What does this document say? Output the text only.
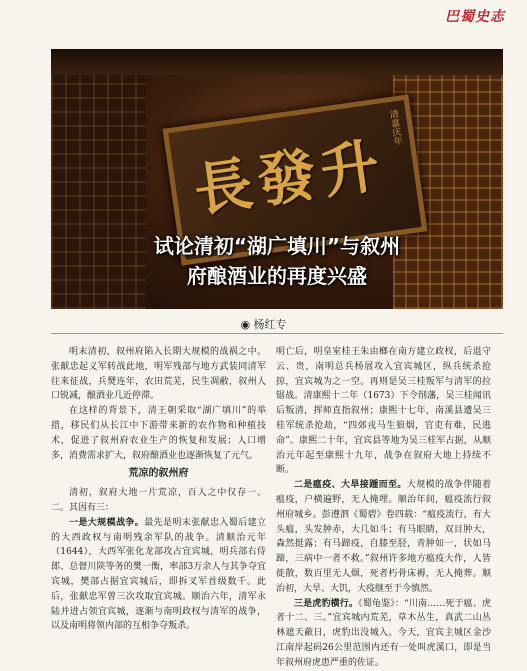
巴蜀史志
長發升
清嘉庆年
试论清初“湖广填川”与叙州
府酿酒业的再度兴盛
◉ 杨红专

明末清初，叙州府陷入长期大规模的战祸之中。张献忠起义军转战此地，明军残部与地方武装同清军往来征战，兵燹连年，农田荒芜，民生凋敝，叙州人口锐减，酿酒业几近停滞。

在这样的背景下，清王朝采取“湖广填川”的举措，移民们从长江中下游带来新的农作物和种植技术，促进了叙州府农业生产的恢复和发展；人口增多，消费需求扩大，叙府酿酒业也逐渐恢复了元气。

荒凉的叙州府

清初，叙府大地一片荒凉，百人之中仅存一、二。其因有三：

一是大规模战争。最先是明末张献忠入蜀后建立的大西政权与南明残余军队的战争。清顺治元年（1644），大西军张化龙部攻占宜宾城，明兵部右侍郎、总督川陕等务的樊一衡，率部3万余人与其争夺宜宾城，樊部占据宜宾城后，即拆叉军首级数千。此后，张献忠军曾三次攻取宜宾城。顺治六年，清军永陆并进占领宜宾城，逐渐与南明政权与清军的战争，以及南明将领内部的互相争夺叛杀。

明亡后，明皇室桂王朱由榔在南方建立政权，后退守云、贵，南明总兵杨展攻入宜宾城区，纵兵统杀抢掠，宜宾城为之一空。再则是吴三桂叛军与清军的拉锯战。清康熙十二年（1673）下令削藩，吴三桂闻讯后叛清，挥师直指叙州；康熙十七年，南溪县遭吴三桂军统杀抢劫，“四郊戎马生狼烟，官吏有难，民逃命”。康熙二十年，宜宾县等地为吴三桂军占据，从顺治元年起至康熙十九年，战争在叙府大地上持续不断。

二是瘟疫、大旱接踵而至。大规模的战争伴随着瘟疫，户横遍野，无人掩埋。顺治年间，瘟疫流行叙州府城乡。彭遵泗《蜀碧》卷四载：“瘟疫流行，有大头瘟，头发肿赤，大几如斗；有马眼睛，双目肿大，森然挺露；有马蹄疫，自膝至胫，青肿如一，状如马蹄，三病中一者不救。”叙州许多地方瘟疫大作，人皆徙散，数百里无人烟，死者朽骨床褥，无人掩葬。顺治初，大旱、大饥，大疫继至于今慎然。

三是虎豹横行。《蜀龟鉴》：“川南……死于瘟、虎者十二、三。”宜宾城内荒芜，草木丛生，真武二山丛林遮天蔽日，虎豹出没城入。今天，宜宾主城区金沙江南岸起码26公里范围内还有一处叫虎溪口，即是当年叙州府虎患严重的佐证。
